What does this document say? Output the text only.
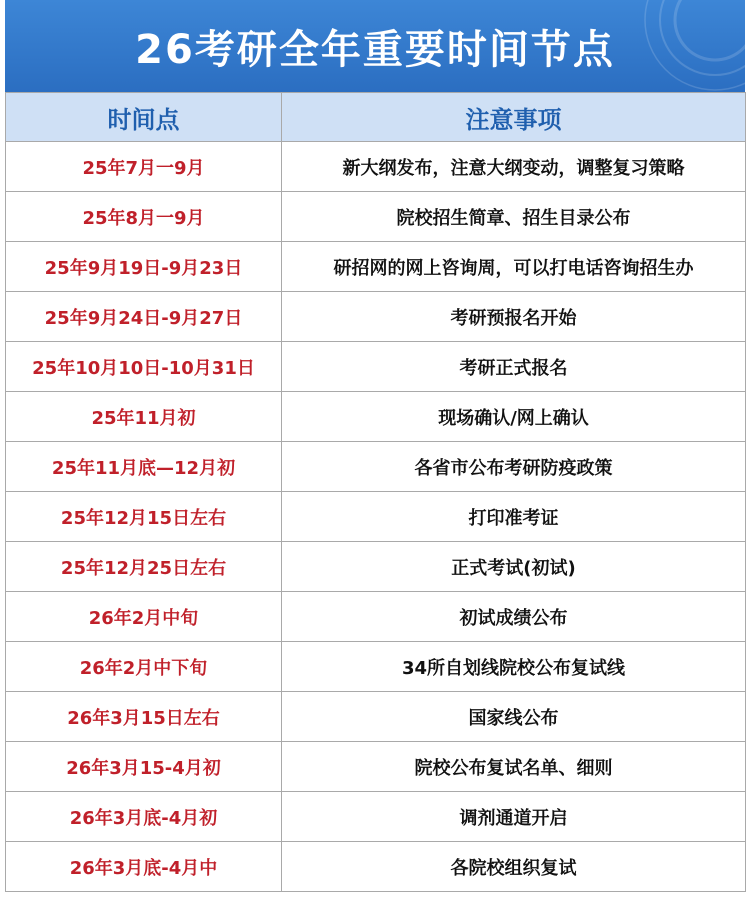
26考研全年重要时间节点
时间点	注意事项
25年7月一9月	新大纲发布，注意大纲变动，调整复习策略
25年8月一9月	院校招生简章、招生目录公布
25年9月19日-9月23日	研招网的网上咨询周，可以打电话咨询招生办
25年9月24日-9月27日	考研预报名开始
25年10月10日-10月31日	考研正式报名
25年11月初	现场确认/网上确认
25年11月底—12月初	各省市公布考研防疫政策
25年12月15日左右	打印准考证
25年12月25日左右	正式考试(初试)
26年2月中旬	初试成绩公布
26年2月中下旬	34所自划线院校公布复试线
26年3月15日左右	国家线公布
26年3月15-4月初	院校公布复试名单、细则
26年3月底-4月初	调剂通道开启
26年3月底-4月中	各院校组织复试
